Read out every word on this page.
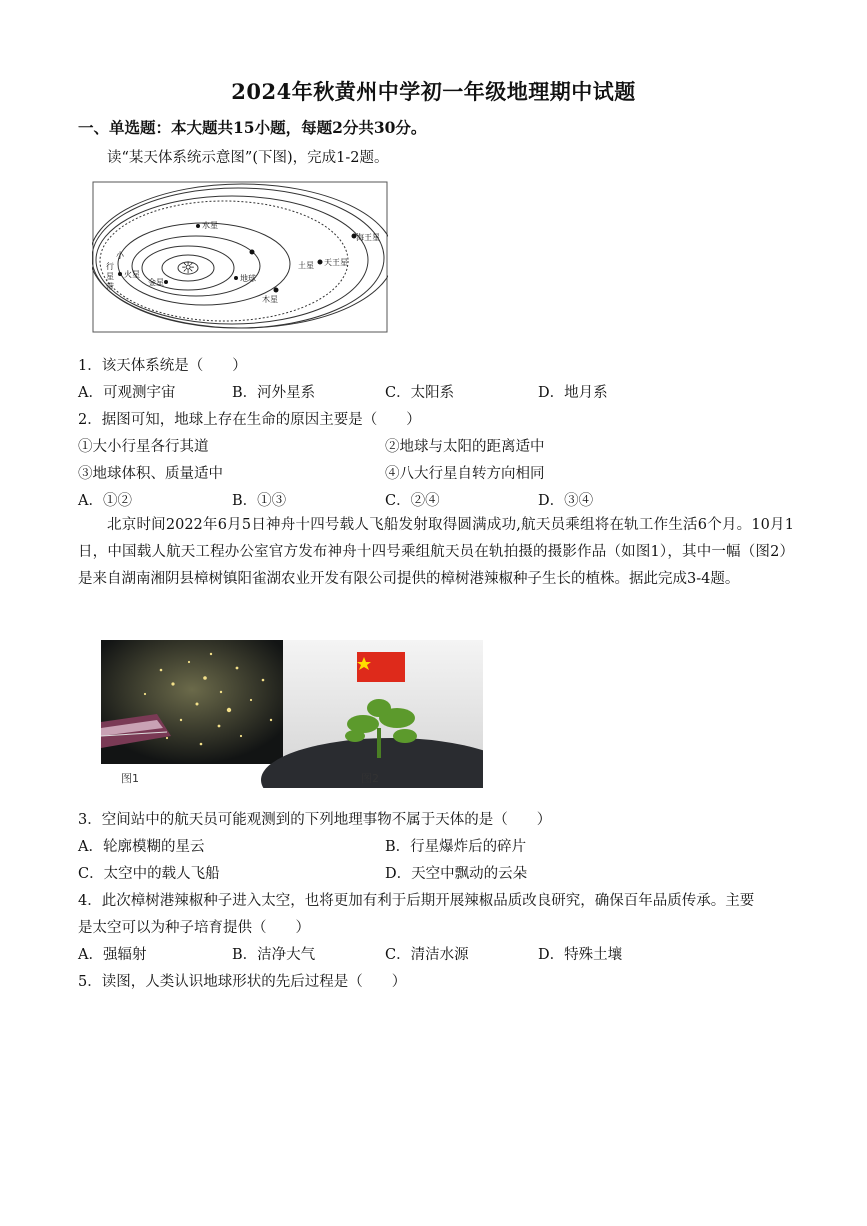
2024年秋黄州中学初一年级地理期中试题
一、单选题：本大题共15小题，每题2分共30分。
读“某天体系统示意图”(下图)，完成1-2题。
☼
水星
金星	地球
火星
木星
土星 天王星
海王星
小
行
星
带
1．该天体系统是（　　）
A．可观测宇宙	B．河外星系	C．太阳系	D．地月系
2．据图可知，地球上存在生命的原因主要是（　　）
①大小行星各行其道	②地球与太阳的距离适中
③地球体积、质量适中	④八大行星自转方向相同
A．①②	B．①③	C．②④	D．③④
北京时间2022年6月5日神舟十四号载人飞船发射取得圆满成功,航天员乘组将在轨工作生活6个月。10月1日，中国载人航天工程办公室官方发布神舟十四号乘组航天员在轨拍摄的摄影作品（如图1），其中一幅（图2）是来自湖南湘阴县樟树镇阳雀湖农业开发有限公司提供的樟树港辣椒种子生长的植株。据此完成3-4题。
图1	图2
3．空间站中的航天员可能观测到的下列地理事物不属于天体的是（　　）
A．轮廓模糊的星云	B．行星爆炸后的碎片
C．太空中的载人飞船	D．天空中飘动的云朵
4．此次樟树港辣椒种子进入太空，也将更加有利于后期开展辣椒品质改良研究，确保百年品质传承。主要
是太空可以为种子培育提供（　　）
A．强辐射	B．洁净大气	C．清洁水源	D．特殊土壤
5．读图，人类认识地球形状的先后过程是（　　）
